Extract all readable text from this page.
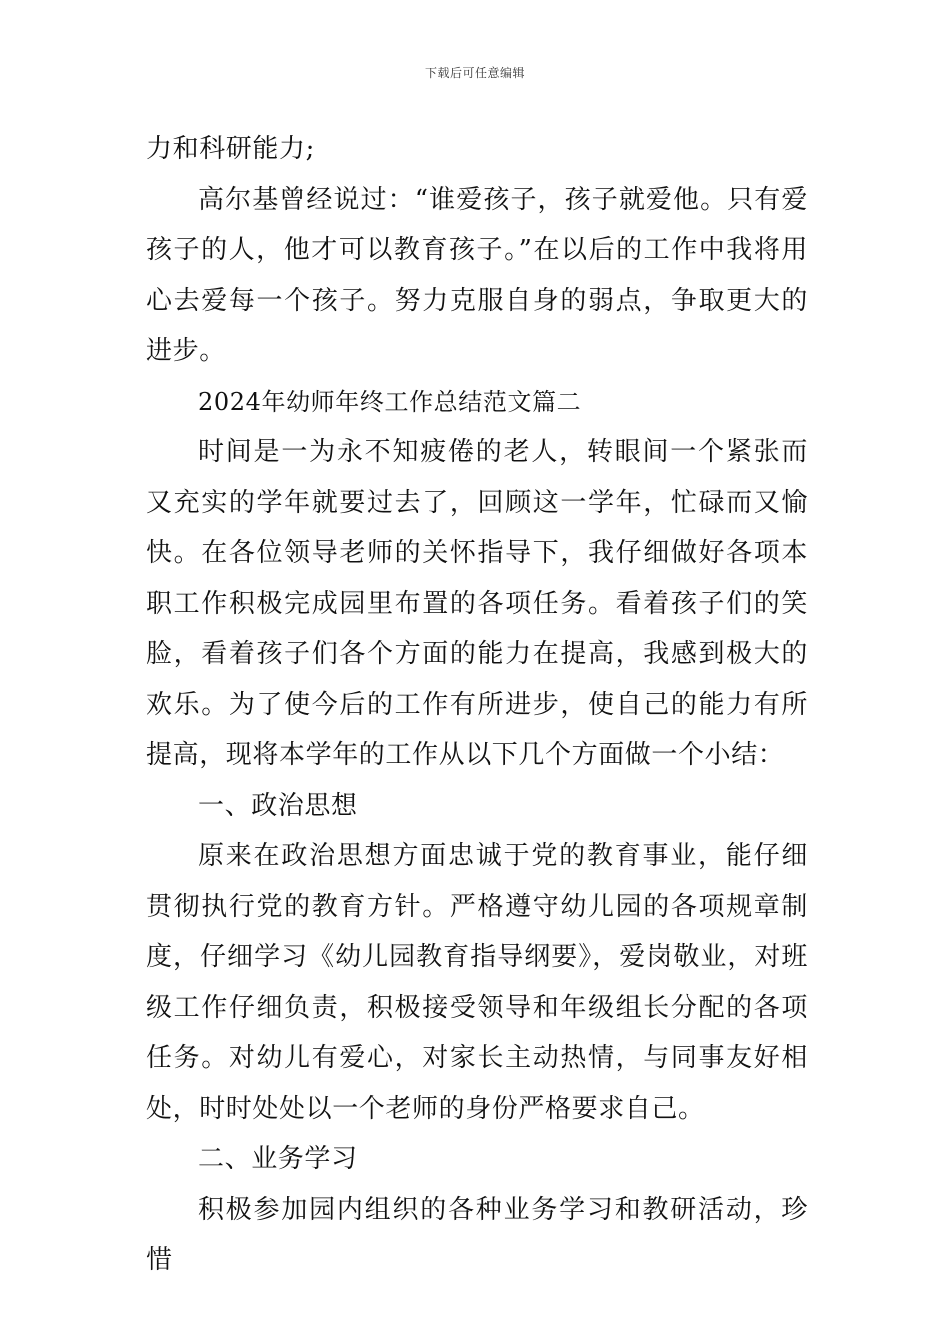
下载后可任意编辑

力和科研能力;

高尔基曾经说过：“谁爱孩子，孩子就爱他。只有爱孩子的人，他才可以教育孩子。”在以后的工作中我将用心去爱每一个孩子。努力克服自身的弱点，争取更大的进步。

2024年幼师年终工作总结范文篇二

时间是一为永不知疲倦的老人，转眼间一个紧张而又充实的学年就要过去了，回顾这一学年，忙碌而又愉快。在各位领导老师的关怀指导下，我仔细做好各项本职工作积极完成园里布置的各项任务。看着孩子们的笑脸，看着孩子们各个方面的能力在提高，我感到极大的欢乐。为了使今后的工作有所进步，使自己的能力有所提高，现将本学年的工作从以下几个方面做一个小结：

一、政治思想

原来在政治思想方面忠诚于党的教育事业，能仔细贯彻执行党的教育方针。严格遵守幼儿园的各项规章制度，仔细学习《幼儿园教育指导纲要》，爱岗敬业，对班级工作仔细负责，积极接受领导和年级组长分配的各项任务。对幼儿有爱心，对家长主动热情，与同事友好相处，时时处处以一个老师的身份严格要求自己。

二、业务学习

积极参加园内组织的各种业务学习和教研活动，珍惜
